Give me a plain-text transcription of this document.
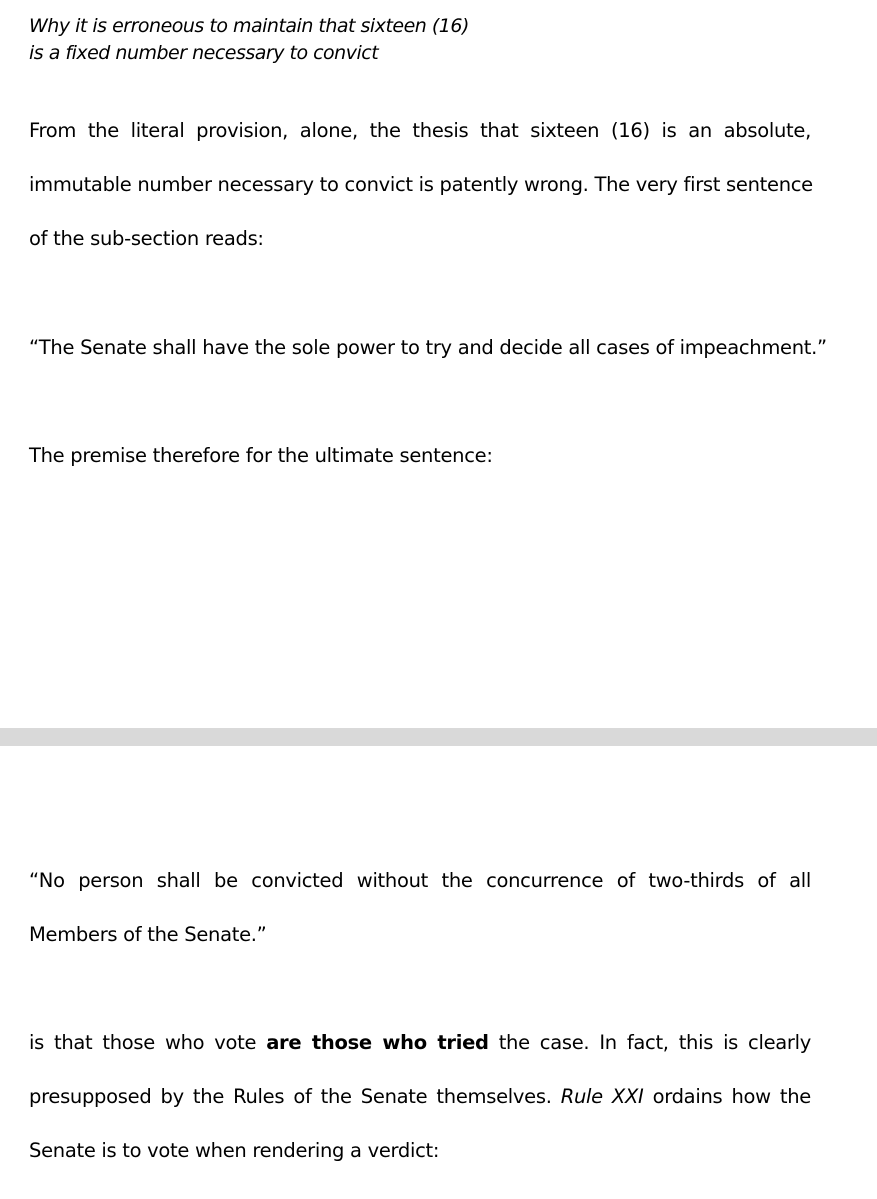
Why it is erroneous to maintain that sixteen (16)
is a fixed number necessary to convict
From the literal provision, alone, the thesis that sixteen (16) is an absolute,
immutable number necessary to convict is patently wrong. The very first sentence
of the sub-section reads:
“The Senate shall have the sole power to try and decide all cases of impeachment.”
The premise therefore for the ultimate sentence:
“No person shall be convicted without the concurrence of two-thirds of all
Members of the Senate.”
is that those who vote are those who tried the case. In fact, this is clearly
presupposed by the Rules of the Senate themselves. Rule XXI ordains how the
Senate is to vote when rendering a verdict:
